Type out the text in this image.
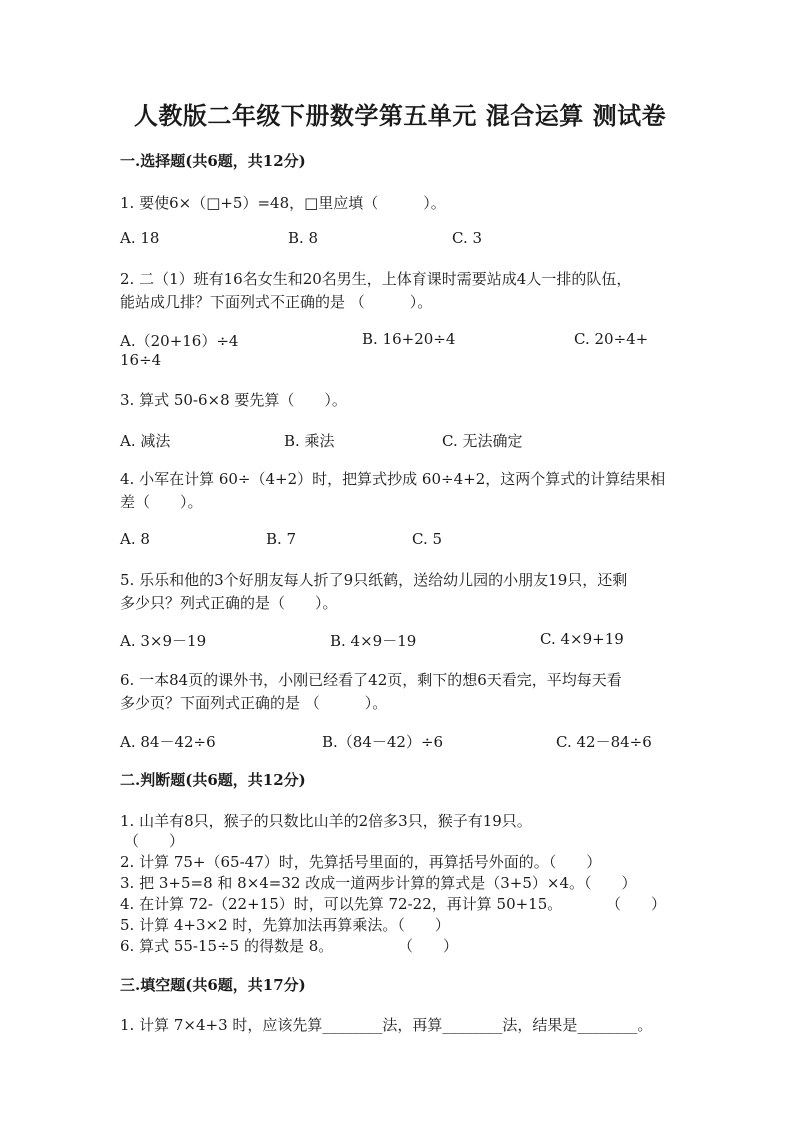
人教版二年级下册数学第五单元 混合运算 测试卷
一.选择题(共6题，共12分)
1. 要使6×（□+5）=48，□里应填（　　　）。
A. 18	B. 8	C. 3
2. 二（1）班有16名女生和20名男生，上体育课时需要站成4人一排的队伍，
能站成几排？下面列式不正确的是 （　　　）。
A.（20+16）÷4	B. 16+20÷4	C. 20÷4+
16÷4
3. 算式 50-6×8 要先算（　　）。
A. 减法	B. 乘法	C. 无法确定
4. 小军在计算 60÷（4+2）时，把算式抄成 60÷4+2，这两个算式的计算结果相
差（　　）。
A. 8	B. 7	C. 5
5. 乐乐和他的3个好朋友每人折了9只纸鹤，送给幼儿园的小朋友19只，还剩
多少只？列式正确的是（　　）。
A. 3×9－19	B. 4×9－19	C. 4×9+19
6. 一本84页的课外书，小刚已经看了42页，剩下的想6天看完，平均每天看
多少页？下面列式正确的是 （　　　）。
A. 84－42÷6	B.（84－42）÷6	C. 42－84÷6
二.判断题(共6题，共12分)
1. 山羊有8只，猴子的只数比山羊的2倍多3只，猴子有19只。
（　　）
2. 计算 75+（65-47）时，先算括号里面的，再算括号外面的。（　　）
3. 把 3+5=8 和 8×4=32 改成一道两步计算的算式是（3+5）×4。（　　）
4. 在计算 72-（22+15）时，可以先算 72-22，再计算 50+15。	（　　）
5. 计算 4+3×2 时，先算加法再算乘法。（　　）
6. 算式 55-15÷5 的得数是 8。	（　　）
三.填空题(共6题，共17分)
1. 计算 7×4+3 时，应该先算________法，再算________法，结果是________。
